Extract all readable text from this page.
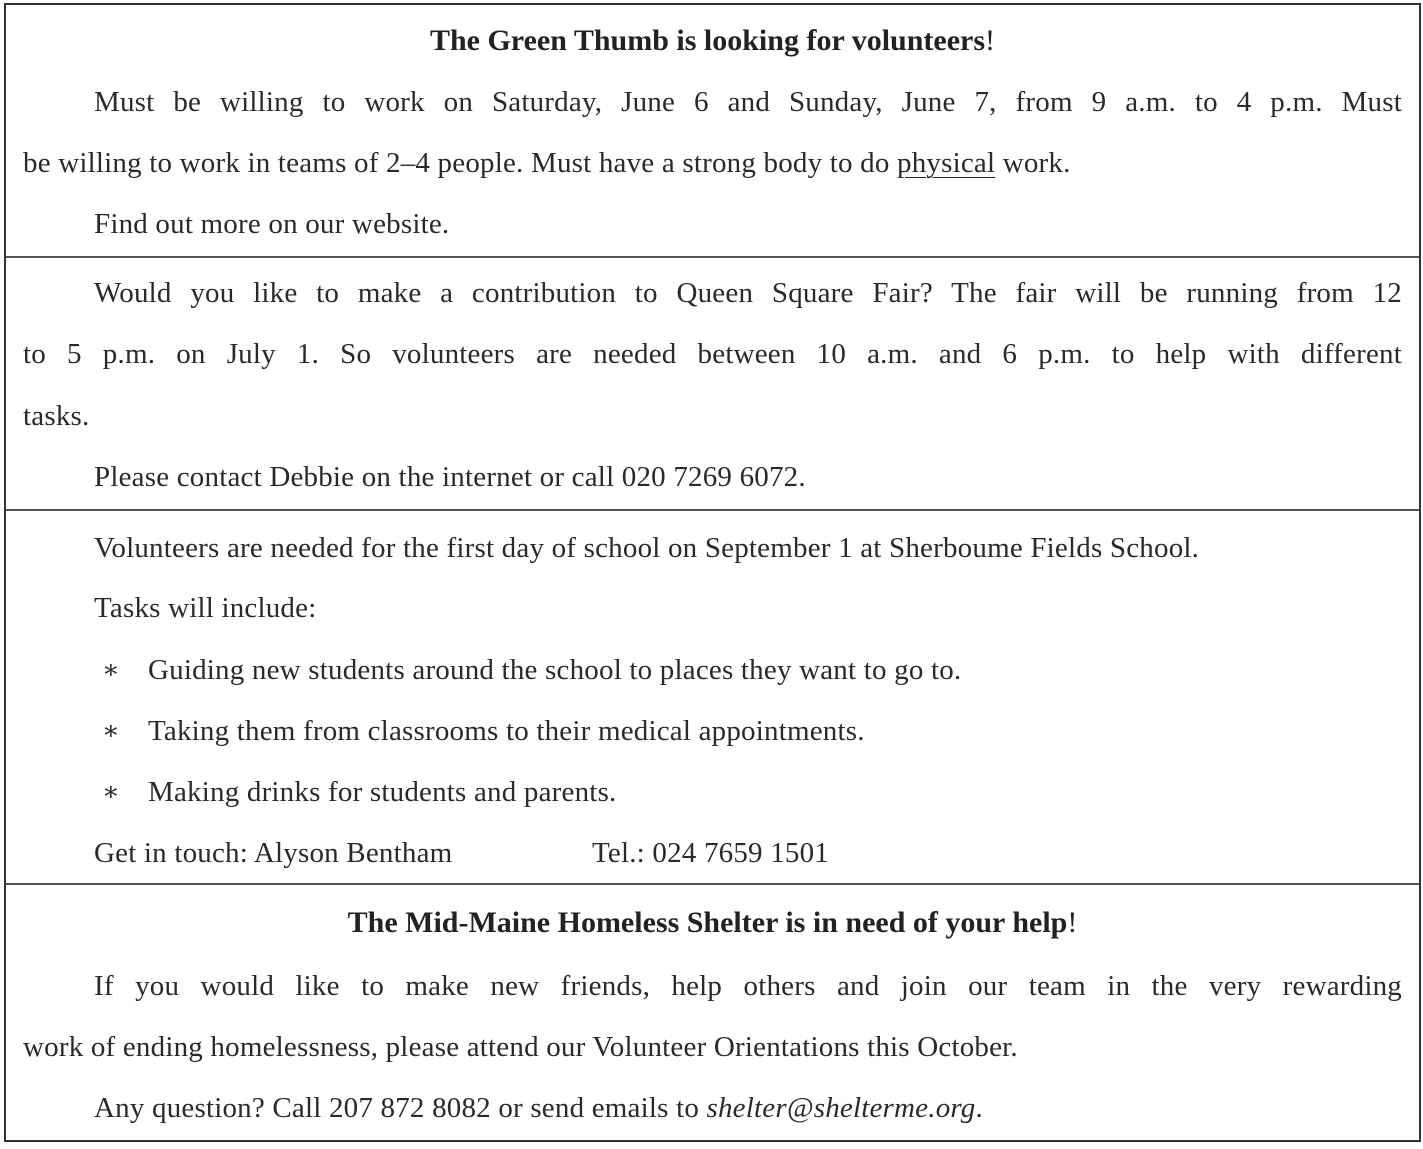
The Green Thumb is looking for volunteers!
Must be willing to work on Saturday, June 6 and Sunday, June 7, from 9 a.m. to 4 p.m. Must
be willing to work in teams of 2–4 people. Must have a strong body to do physical work.
Find out more on our website.
Would you like to make a contribution to Queen Square Fair? The fair will be running from 12
to 5 p.m. on July 1. So volunteers are needed between 10 a.m. and 6 p.m. to help with different
tasks.
Please contact Debbie on the internet or call 020 7269 6072.
Volunteers are needed for the first day of school on September 1 at Sherboume Fields School.
Tasks will include:
∗ Guiding new students around the school to places they want to go to.
∗ Taking them from classrooms to their medical appointments.
∗ Making drinks for students and parents.
Get in touch: Alyson Bentham	Tel.: 024 7659 1501
The Mid-Maine Homeless Shelter is in need of your help!
If you would like to make new friends, help others and join our team in the very rewarding
work of ending homelessness, please attend our Volunteer Orientations this October.
Any question? Call 207 872 8082 or send emails to shelter@shelterme.org.
